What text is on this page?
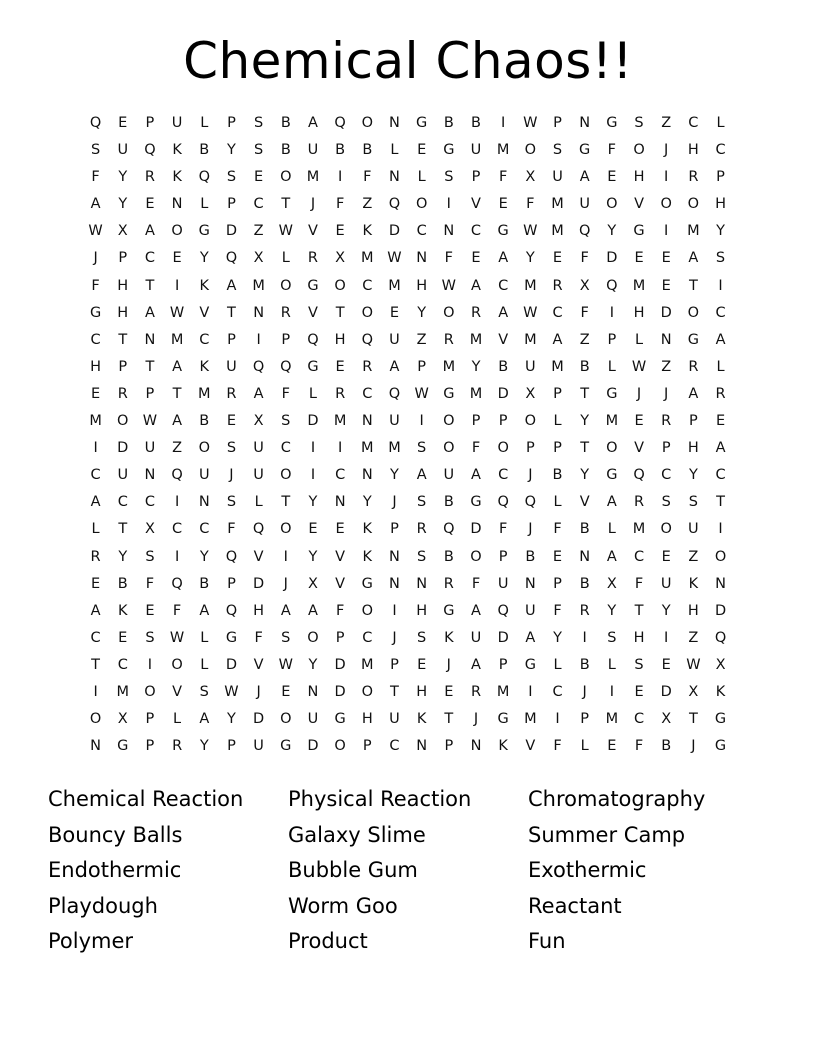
Chemical Chaos!!
Q	E	P	U	L	P	S	B	A	Q	O	N	G	B	B	I	W	P	N	G	S	Z	C	L
S	U	Q	K	B	Y	S	B	U	B	B	L	E	G	U	M	O	S	G	F	O	J	H	C
F	Y	R	K	Q	S	E	O	M	I	F	N	L	S	P	F	X	U	A	E	H	I	R	P
A	Y	E	N	L	P	C	T	J	F	Z	Q	O	I	V	E	F	M	U	O	V	O	O	H
W	X	A	O	G	D	Z	W	V	E	K	D	C	N	C	G W M	Q	Y	G	I	M	Y
J	P	C	E	Y	Q	X	L	R	X	M W	N	F	E	A	Y	E	F	D	E	E	A	S
F	H	T	I	K	A	M	O	G	O	C	M	H	W	A	C	M	R	X	Q	M	E	T	I
G	H	A	W	V	T	N	R	V	T	O	E	Y	O	R	A	W	C	F	I	H	D	O	C
C	T	N	M	C	P	I	P	Q	H	Q	U	Z	R	M	V	M	A	Z	P	L	N	G	A
H	P	T	A	K	U	Q	Q	G	E	R	A	P	M	Y	B	U	M	B	L	W	Z	R	L
E	R	P	T	M	R	A	F	L	R	C	Q W G	M	D	X	P	T	G	J	J	A	R
M	O W	A	B	E	X	S	D	M	N	U	I	O	P	P	O	L	Y	M	E	R	P	E
I	D	U	Z	O	S	U	C	I	I	M	M	S	O	F	O	P	P	T	O	V	P	H	A
C	U	N	Q	U	J	U	O	I	C	N	Y	A	U	A	C	J	B	Y	G	Q	C	Y	C
A	C	C	I	N	S	L	T	Y	N	Y	J	S	B	G	Q	Q	L	V	A	R	S	S	T
L	T	X	C	C	F	Q	O	E	E	K	P	R	Q	D	F	J	F	B	L	M	O	U	I
R	Y	S	I	Y	Q	V	I	Y	V	K	N	S	B	O	P	B	E	N	A	C	E	Z	O
E	B	F	Q	B	P	D	J	X	V	G	N	N	R	F	U	N	P	B	X	F	U	K	N
A	K	E	F	A	Q	H	A	A	F	O	I	H	G	A	Q	U	F	R	Y	T	Y	H	D
C	E	S	W	L	G	F	S	O	P	C	J	S	K	U	D	A	Y	I	S	H	I	Z	Q
T	C	I	O	L	D	V	W	Y	D	M	P	E	J	A	P	G	L	B	L	S	E	W	X
I	M	O	V	S	W	J	E	N	D	O	T	H	E	R	M	I	C	J	I	E	D	X	K
O	X	P	L	A	Y	D	O	U	G	H	U	K	T	J	G	M	I	P	M	C	X	T	G
N	G	P	R	Y	P	U	G	D	O	P	C	N	P	N	K	V	F	L	E	F	B	J	G
Chemical Reaction
Bouncy Balls
Endothermic
Playdough
Polymer
Physical Reaction
Galaxy Slime
Bubble Gum
Worm Goo
Product
Chromatography
Summer Camp
Exothermic
Reactant
Fun
